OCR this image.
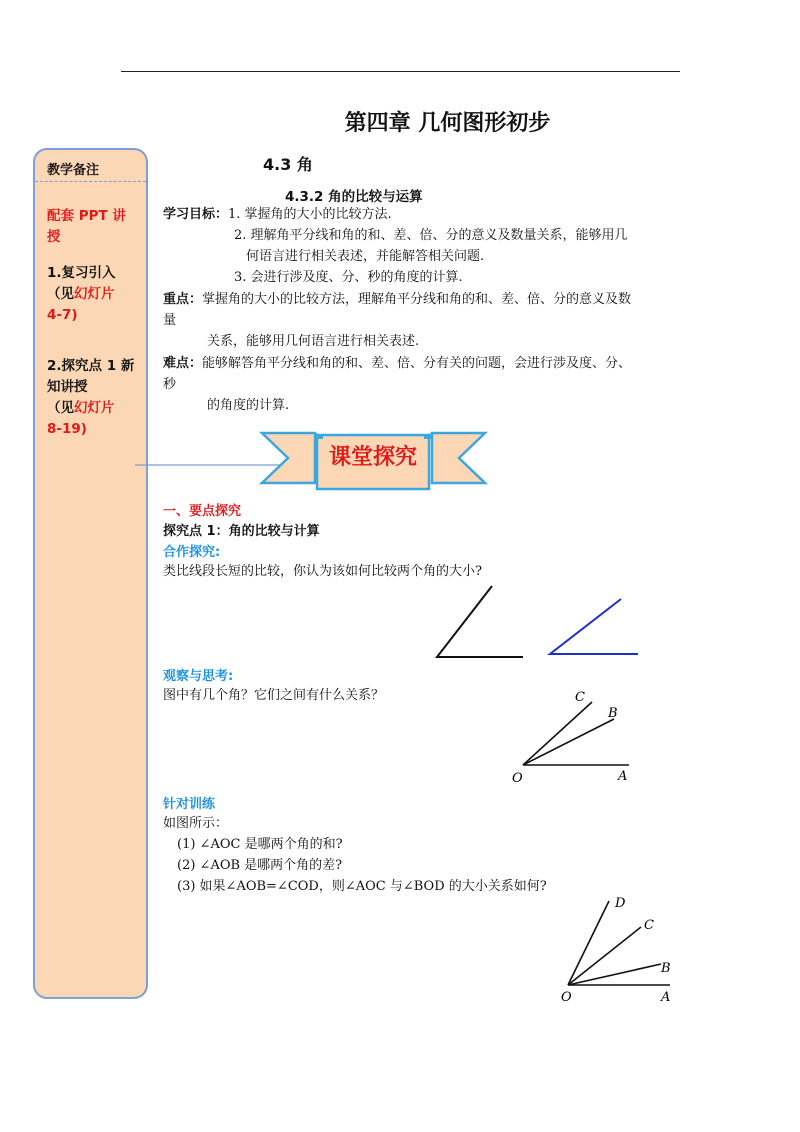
第四章 几何图形初步
教学备注
配套 PPT 讲
授
1.复习引入
（见幻灯片
4-7)
2.探究点 1 新
知讲授
（见幻灯片
8-19)
4.3 角
4.3.2 角的比较与运算
学习目标：1. 掌握角的大小的比较方法.
2. 理解角平分线和角的和、差、倍、分的意义及数量关系，能够用几
何语言进行相关表述，并能解答相关问题.
3. 会进行涉及度、分、秒的角度的计算.
重点：掌握角的大小的比较方法，理解角平分线和角的和、差、倍、分的意义及数
量
关系，能够用几何语言进行相关表述.
难点：能够解答角平分线和角的和、差、倍、分有关的问题，会进行涉及度、分、
秒
的角度的计算.
课堂探究
一、要点探究
探究点 1：角的比较与计算
合作探究:
类比线段长短的比较，你认为该如何比较两个角的大小?
观察与思考:
图中有几个角？它们之间有什么关系？
O	A
B
C
针对训练
如图所示：
(1) ∠AOC 是哪两个角的和?
(2) ∠AOB 是哪两个角的差?
(3) 如果∠AOB=∠COD，则∠AOC 与∠BOD 的大小关系如何?
O	A
B
C
D
